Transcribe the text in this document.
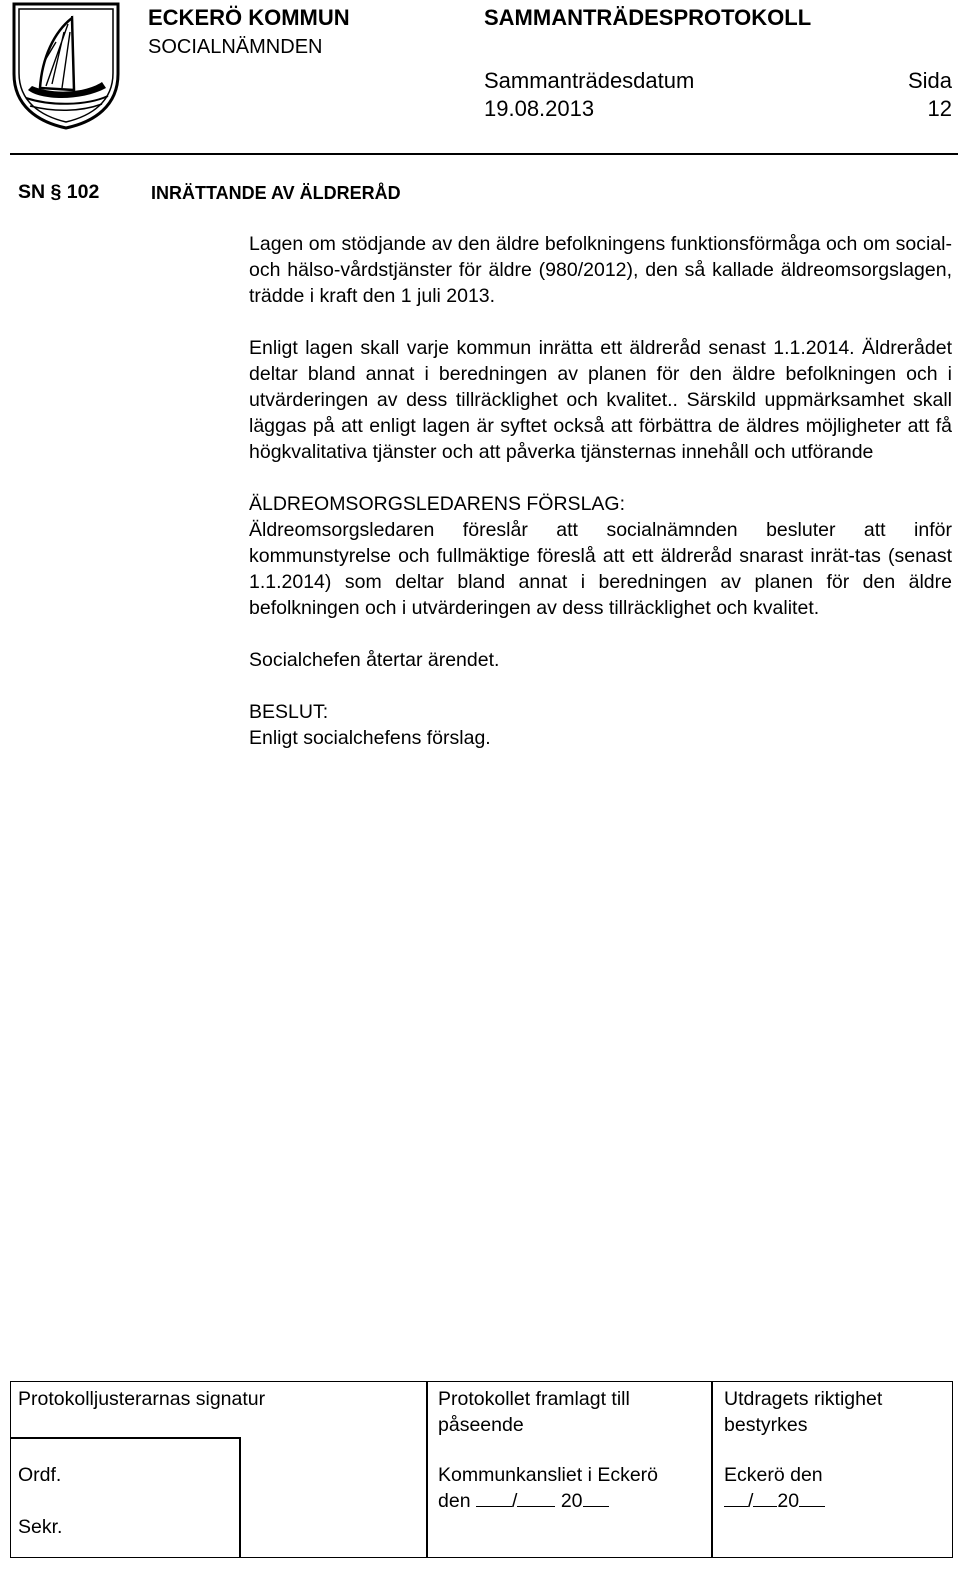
ECKERÖ KOMMUN
SOCIALNÄMNDEN
SAMMANTRÄDESPROTOKOLL
Sammanträdesdatum
19.08.2013
Sida
12
SN § 102	INRÄTTANDE AV ÄLDRERÅD

Lagen om stödjande av den äldre befolkningens funktionsförmåga och om social- och hälso-vårdstjänster för äldre (980/2012), den så kallade äldreomsorgslagen, trädde i kraft den 1 juli 2013.

Enligt lagen skall varje kommun inrätta ett äldreråd senast 1.1.2014. Äldrerådet deltar bland annat i beredningen av planen för den äldre befolkningen och i utvärderingen av dess tillräcklighet och kvalitet.. Särskild uppmärksamhet skall läggas på att enligt lagen är syftet också att förbättra de äldres möjligheter att få högkvalitativa tjänster och att påverka tjänsternas innehåll och utförande

ÄLDREOMSORGSLEDARENS FÖRSLAG:

Äldreomsorgsledaren föreslår att socialnämnden besluter att inför kommunstyrelse och fullmäktige föreslå att ett äldreråd snarast inrät-tas (senast 1.1.2014) som deltar bland annat i beredningen av planen för den äldre befolkningen och i utvärderingen av dess tillräcklighet och kvalitet.

Socialchefen återtar ärendet.

BESLUT:

Enligt socialchefens förslag.

Protokolljusterarnas signatur
Ordf.
Sekr.
Protokollet framlagt till påseende
Kommunkansliet i Eckerö
den / 20
Utdragets riktighet bestyrkes
Eckerö den
/ 20
